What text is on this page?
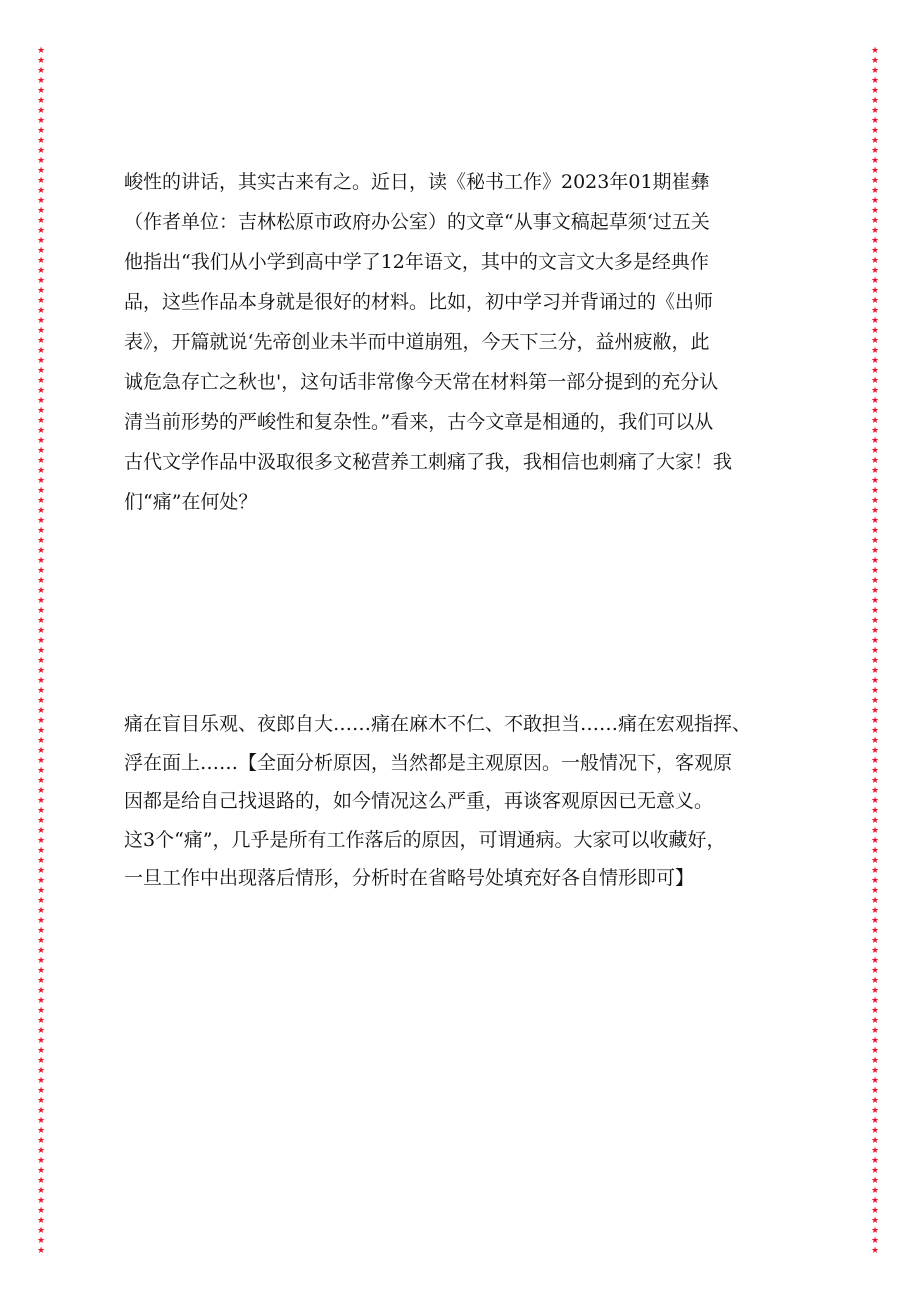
★
★
★
★
★
★
★
★
★
★
★
★
★
★
★
★
★
★
★
★
★
★
★
★
★
★
★
★
★
★
★
★
★
★
★
★
★
★
★
★
★
★
★
★
★
★
★
★
★
★
★
★
★
★
★
★
★
★
★
★
★
★
★
★
★
★
★
★
★
★
★
★
★
★
★
★
★
★
★
★
★
★
★
★
★
★
★
★
★
★
★
★
★
★
★
★
★
★
★
★
★
★
★
★
★
★
★
★
★
★
★
★
★
★
★
★
★
★
★
★
★
★
★
★
★
★
★
★
★
★
★
★
★
★
★
★
★
★
★
★
★
★
★
★
★
★
★
★
★
★
★
★
★
★
★
★
★
★
★
★
★
★
★
★
★
★
★
★
★
★
★
★
★
★
★
★
★
★
★
★
★
★
★
★
★
★
★
★
★
★
★
★
★
★
★
★
★
★
★
★
★
★
★
★
★
★
★
★
★
★
★
★
★
★
★
★
★
★
★
★
★
★
★
★
★
★
★
★
★
★
★
★
★
★
★
★
★
★
★
★
★
★
峻性的讲话，其实古来有之。近日，读《秘书工作》2023年01期崔彝
（作者单位：吉林松原市政府办公室）的文章“从事文稿起草须‘过五关
他指出“我们从小学到高中学了12年语文，其中的文言文大多是经典作
品，这些作品本身就是很好的材料。比如，初中学习并背诵过的《出师
表》，开篇就说‘先帝创业未半而中道崩殂，今天下三分，益州疲敝，此
诚危急存亡之秋也'，这句话非常像今天常在材料第一部分提到的充分认
清当前形势的严峻性和复杂性。”看来，古今文章是相通的，我们可以从
古代文学作品中汲取很多文秘营养工刺痛了我，我相信也刺痛了大家！我
们“痛”在何处？
痛在盲目乐观、夜郎自大……痛在麻木不仁、不敢担当……痛在宏观指挥、
浮在面上……【全面分析原因，当然都是主观原因。一般情况下，客观原
因都是给自己找退路的，如今情况这么严重，再谈客观原因已无意义。
这3个“痛”，几乎是所有工作落后的原因，可谓通病。大家可以收藏好，
一旦工作中出现落后情形，分析时在省略号处填充好各自情形即可】
